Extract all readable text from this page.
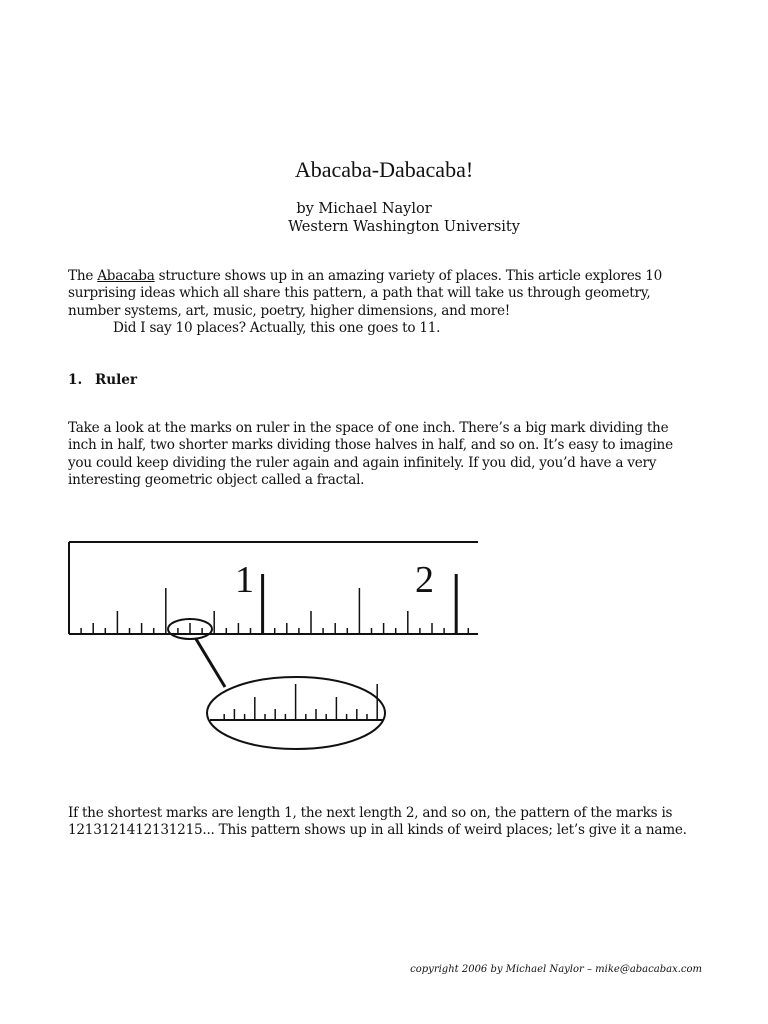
Abacaba-Dabacaba!
by Michael Naylor
Western Washington University
The Abacaba structure shows up in an amazing variety of places. This article explores 10
surprising ideas which all share this pattern, a path that will take us through geometry,
number systems, art, music, poetry, higher dimensions, and more!
Did I say 10 places? Actually, this one goes to 11.
1. Ruler
Take a look at the marks on ruler in the space of one inch. There’s a big mark dividing the
inch in half, two shorter marks dividing those halves in half, and so on. It’s easy to imagine
you could keep dividing the ruler again and again infinitely. If you did, you’d have a very
interesting geometric object called a fractal.
1	2
If the shortest marks are length 1, the next length 2, and so on, the pattern of the marks is
1213121412131215... This pattern shows up in all kinds of weird places; let’s give it a name.
copyright 2006 by Michael Naylor – mike@abacabax.com
